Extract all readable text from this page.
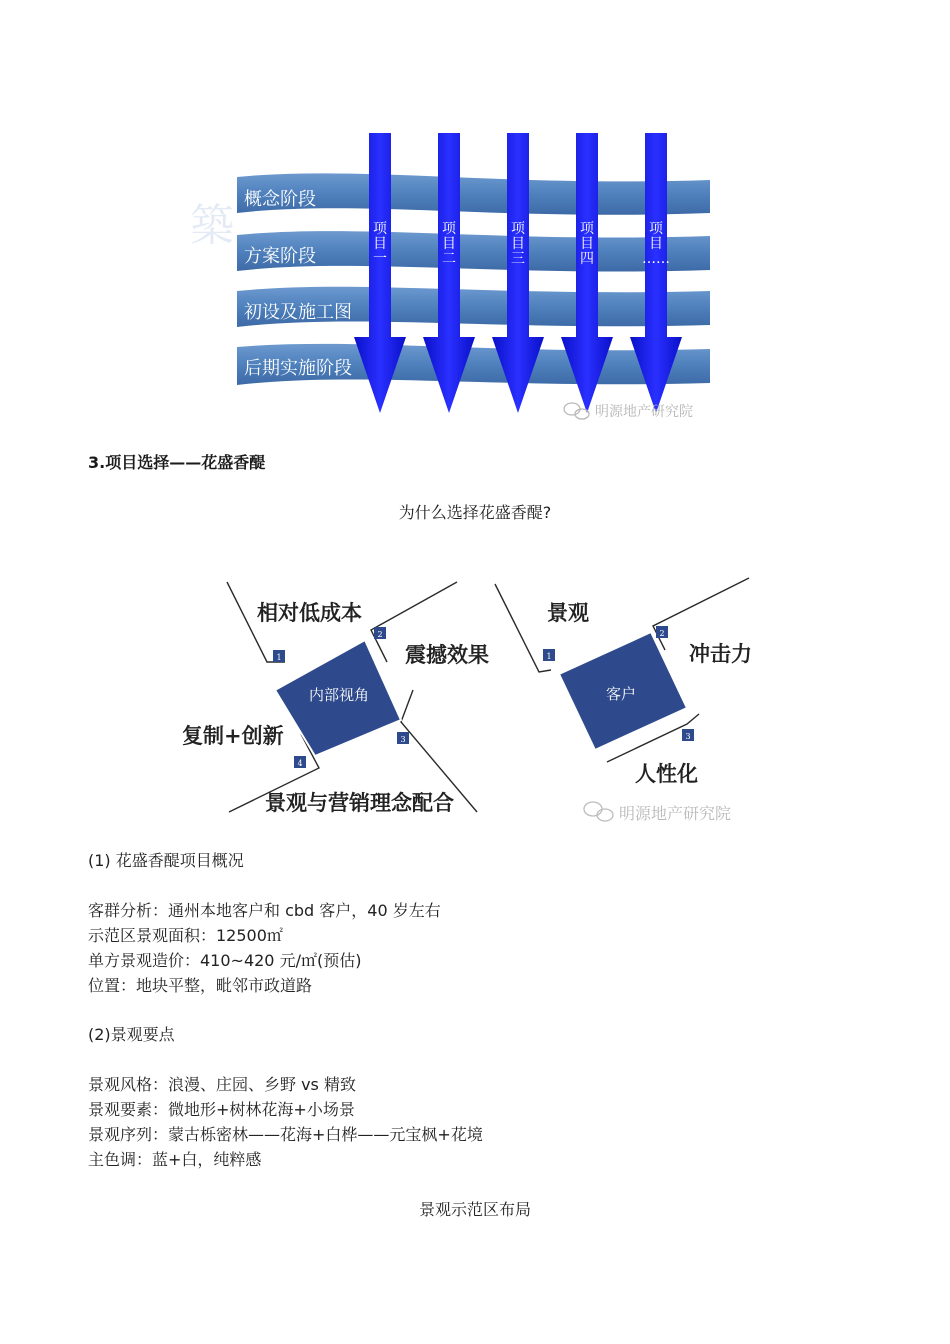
築
概念阶段
方案阶段
初设及施工图
后期实施阶段
项目一
项目二
项目三
项目四
项目……
明源地产研究院
3.项目选择——花盛香醍
为什么选择花盛香醍?
内部视角	客户
1
2
3
4
1
2
3
相对低成本
震撼效果
复制+创新
景观与营销理念配合
景观
冲击力
人性化
明源地产研究院
(1) 花盛香醍项目概况
客群分析：通州本地客户和 cbd 客户，40 岁左右
示范区景观面积：12500㎡
单方景观造价：410~420 元/㎡(预估)
位置：地块平整，毗邻市政道路
(2)景观要点
景观风格：浪漫、庄园、乡野 vs 精致
景观要素：微地形+树林花海+小场景
景观序列：蒙古栎密林——花海+白桦——元宝枫+花境
主色调：蓝+白，纯粹感
景观示范区布局
